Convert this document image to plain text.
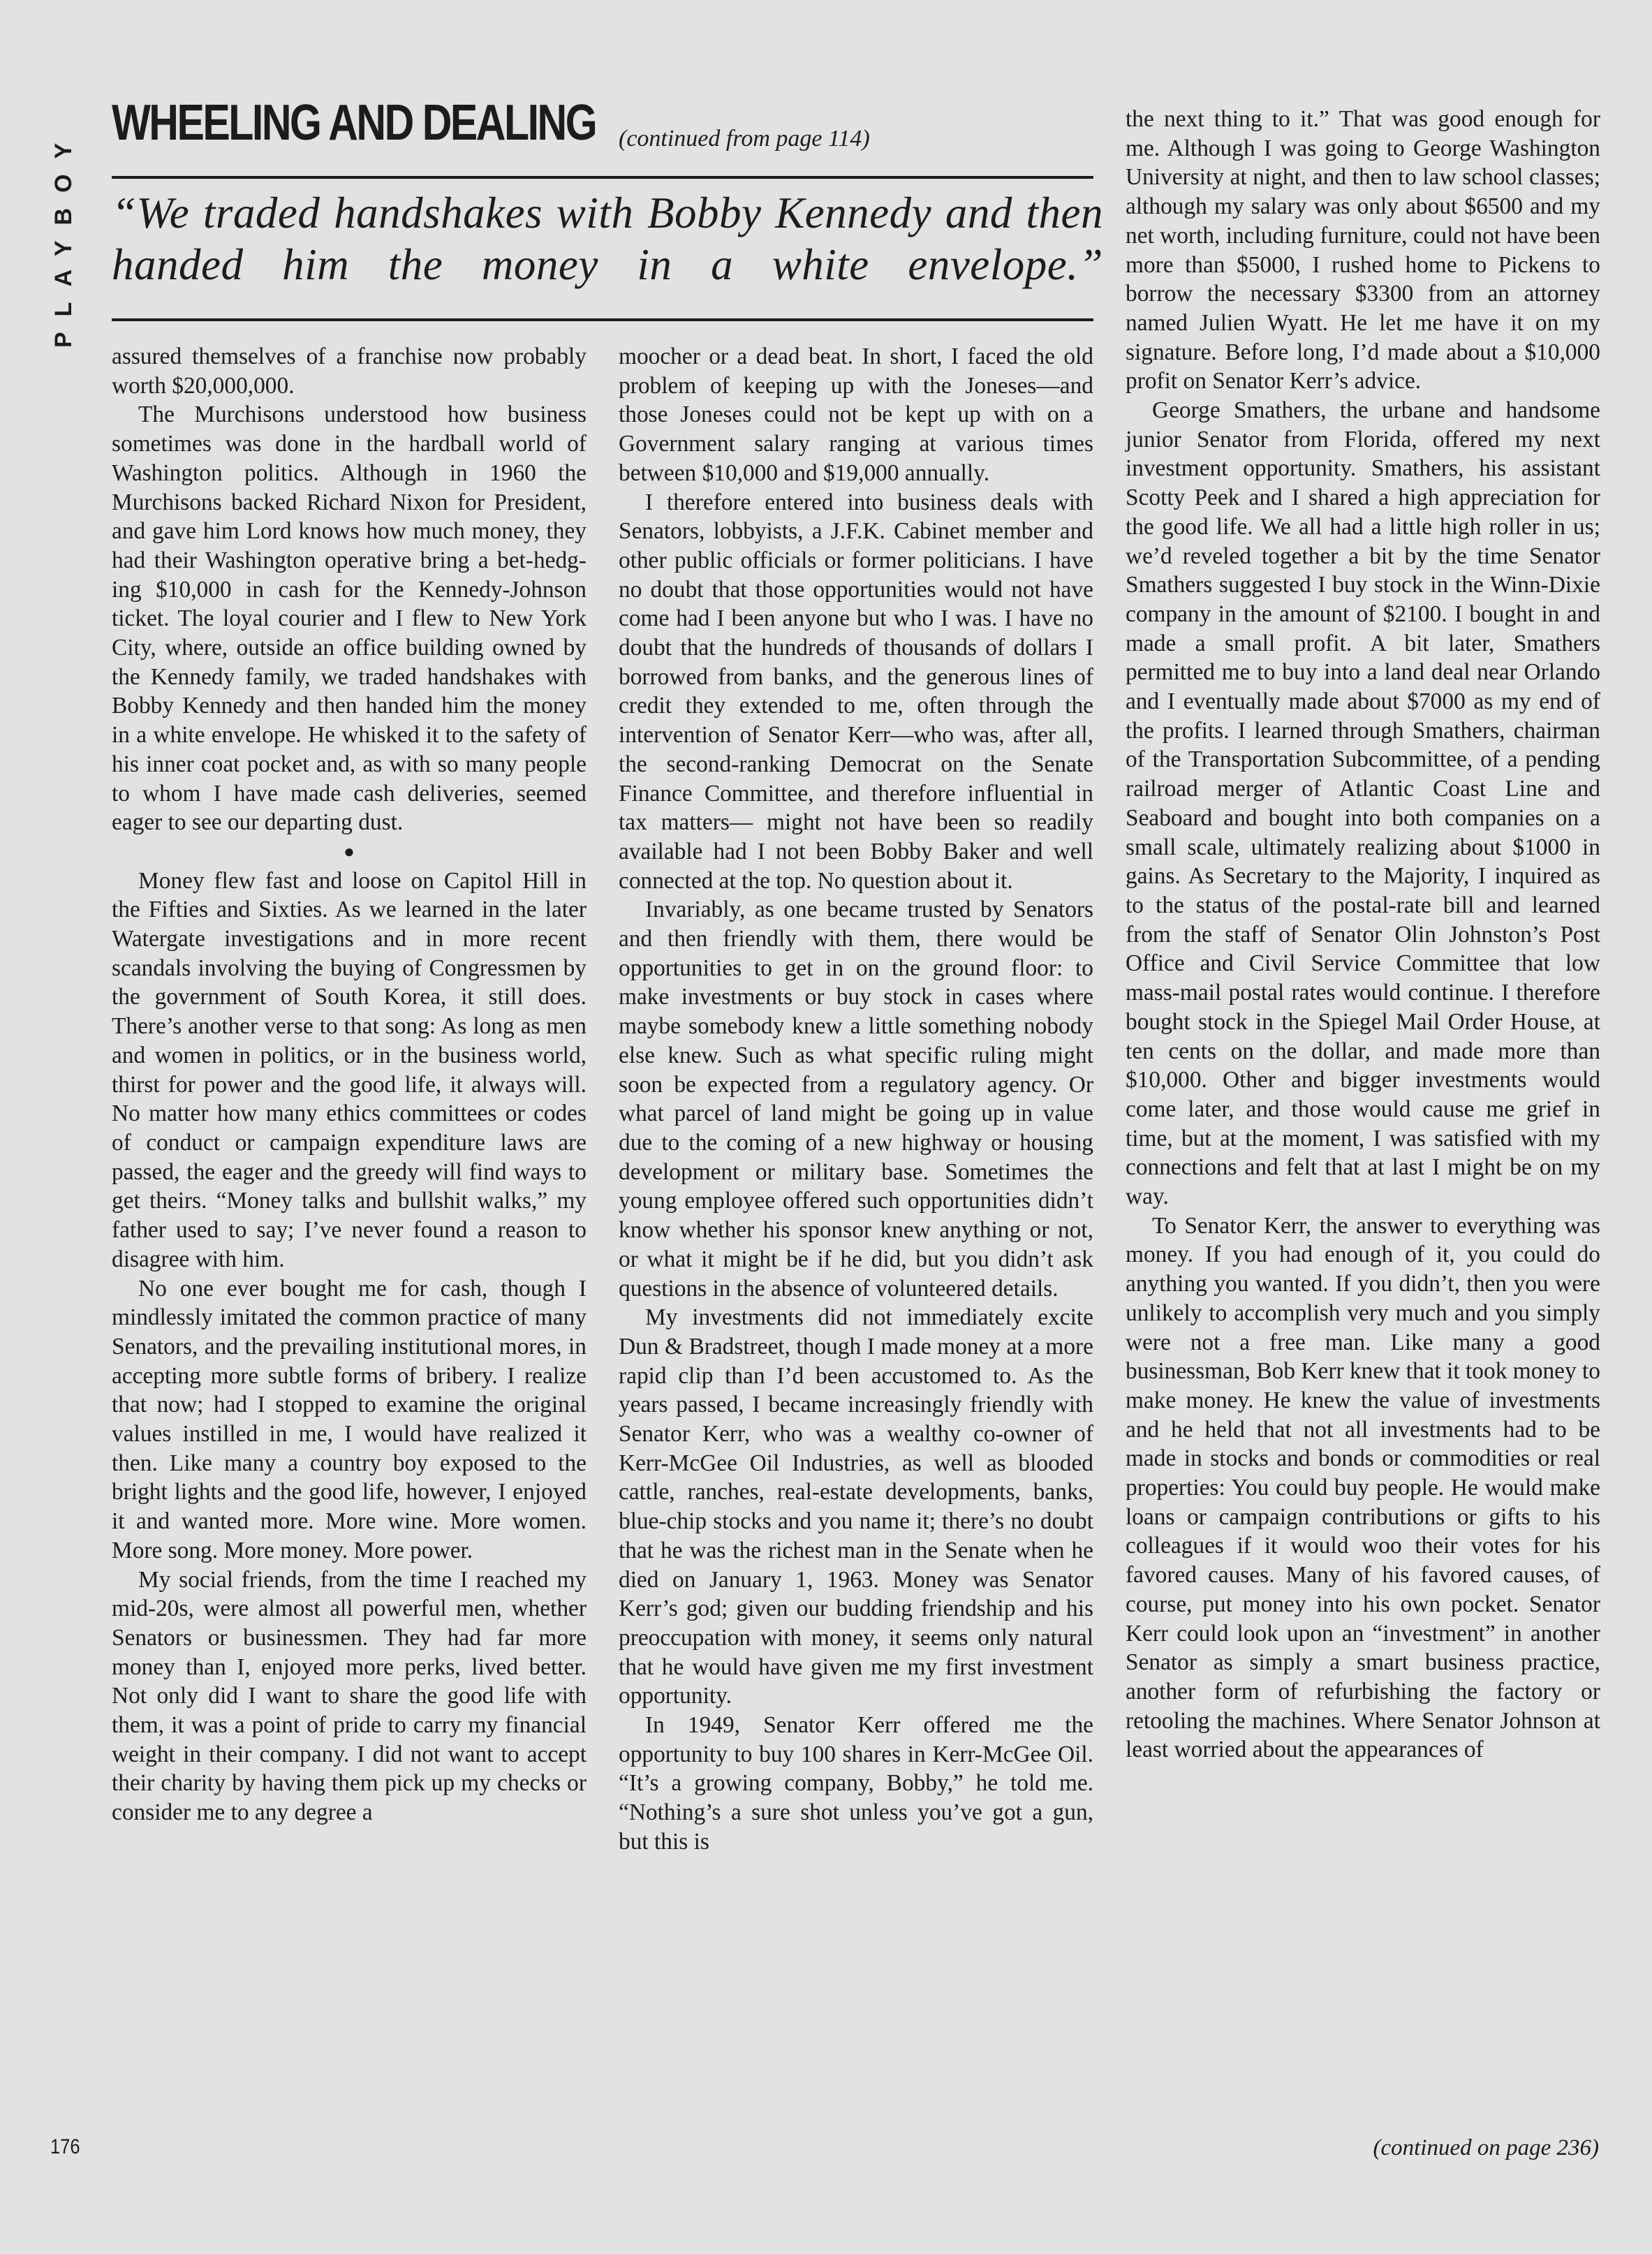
PLAYBOY
WHEELING AND DEALING (continued from page 114)
“We traded handshakes with Bobby Kennedy and then handed him the money in a white envelope.”

assured themselves of a franchise now probably worth $20,000,000.

The Murchisons understood how business sometimes was done in the hardball world of Washington politics. Although in 1960 the Murchisons backed Richard Nixon for President, and gave him Lord knows how much money, they had their Washington operative bring a bet-hedging $10,000 in cash for the Kennedy-Johnson ticket. The loyal courier and I flew to New York City, where, outside an office building owned by the Kennedy family, we traded handshakes with Bobby Kennedy and then handed him the money in a white envelope. He whisked it to the safety of his inner coat pocket and, as with so many people to whom I have made cash deliveries, seemed eager to see our departing dust.

●

Money flew fast and loose on Capitol Hill in the Fifties and Sixties. As we learned in the later Watergate investigations and in more recent scandals involving the buying of Congressmen by the government of South Korea, it still does. There’s another verse to that song: As long as men and women in politics, or in the business world, thirst for power and the good life, it always will. No matter how many ethics committees or codes of conduct or campaign expenditure laws are passed, the eager and the greedy will find ways to get theirs. “Money talks and bullshit walks,” my father used to say; I’ve never found a reason to disagree with him.

No one ever bought me for cash, though I mindlessly imitated the common practice of many Senators, and the prevailing institutional mores, in accepting more subtle forms of bribery. I realize that now; had I stopped to examine the original values instilled in me, I would have realized it then. Like many a country boy exposed to the bright lights and the good life, however, I enjoyed it and wanted more. More wine. More women. More song. More money. More power.

My social friends, from the time I reached my mid-20s, were almost all powerful men, whether Senators or businessmen. They had far more money than I, enjoyed more perks, lived better. Not only did I want to share the good life with them, it was a point of pride to carry my financial weight in their company. I did not want to accept their charity by having them pick up my checks or consider me to any degree a

moocher or a dead beat. In short, I faced the old problem of keeping up with the Joneses—and those Joneses could not be kept up with on a Government salary ranging at various times between $10,000 and $19,000 annually.

I therefore entered into business deals with Senators, lobbyists, a J.F.K. Cabinet member and other public officials or former politicians. I have no doubt that those opportunities would not have come had I been anyone but who I was. I have no doubt that the hundreds of thousands of dollars I borrowed from banks, and the generous lines of credit they extended to me, often through the intervention of Senator Kerr—who was, after all, the second-ranking Democrat on the Senate Finance Committee, and therefore influential in tax matters— might not have been so readily available had I not been Bobby Baker and well connected at the top. No question about it.

Invariably, as one became trusted by Senators and then friendly with them, there would be opportunities to get in on the ground floor: to make investments or buy stock in cases where maybe somebody knew a little something nobody else knew. Such as what specific ruling might soon be expected from a regulatory agency. Or what parcel of land might be going up in value due to the coming of a new highway or housing development or military base. Sometimes the young employee offered such opportunities didn’t know whether his sponsor knew anything or not, or what it might be if he did, but you didn’t ask questions in the absence of volunteered details.

My investments did not immediately excite Dun & Bradstreet, though I made money at a more rapid clip than I’d been accustomed to. As the years passed, I became increasingly friendly with Senator Kerr, who was a wealthy co-owner of Kerr-McGee Oil Industries, as well as blooded cattle, ranches, real-estate developments, banks, blue-chip stocks and you name it; there’s no doubt that he was the richest man in the Senate when he died on January 1, 1963. Money was Senator Kerr’s god; given our budding friendship and his preoccupation with money, it seems only natural that he would have given me my first investment opportunity.

In 1949, Senator Kerr offered me the opportunity to buy 100 shares in Kerr-McGee Oil. “It’s a growing company, Bobby,” he told me. “Nothing’s a sure shot unless you’ve got a gun, but this is

the next thing to it.” That was good enough for me. Although I was going to George Washington University at night, and then to law school classes; although my salary was only about $6500 and my net worth, including furniture, could not have been more than $5000, I rushed home to Pickens to borrow the necessary $3300 from an attorney named Julien Wyatt. He let me have it on my signature. Before long, I’d made about a $10,000 profit on Senator Kerr’s advice.

George Smathers, the urbane and handsome junior Senator from Florida, offered my next investment opportunity. Smathers, his assistant Scotty Peek and I shared a high appreciation for the good life. We all had a little high roller in us; we’d reveled together a bit by the time Senator Smathers suggested I buy stock in the Winn-Dixie company in the amount of $2100. I bought in and made a small profit. A bit later, Smathers permitted me to buy into a land deal near Orlando and I eventually made about $7000 as my end of the profits. I learned through Smathers, chairman of the Transportation Subcommittee, of a pending railroad merger of Atlantic Coast Line and Seaboard and bought into both companies on a small scale, ultimately realizing about $1000 in gains. As Secretary to the Majority, I inquired as to the status of the postal-rate bill and learned from the staff of Senator Olin Johnston’s Post Office and Civil Service Committee that low mass-mail postal rates would continue. I therefore bought stock in the Spiegel Mail Order House, at ten cents on the dollar, and made more than $10,000. Other and bigger investments would come later, and those would cause me grief in time, but at the moment, I was satisfied with my connections and felt that at last I might be on my way.

To Senator Kerr, the answer to everything was money. If you had enough of it, you could do anything you wanted. If you didn’t, then you were unlikely to accomplish very much and you simply were not a free man. Like many a good businessman, Bob Kerr knew that it took money to make money. He knew the value of investments and he held that not all investments had to be made in stocks and bonds or commodities or real properties: You could buy people. He would make loans or campaign contributions or gifts to his colleagues if it would woo their votes for his favored causes. Many of his favored causes, of course, put money into his own pocket. Senator Kerr could look upon an “investment” in another Senator as simply a smart business practice, another form of refurbishing the factory or retooling the machines. Where Senator Johnson at least worried about the appearances of

176	(continued on page 236)
